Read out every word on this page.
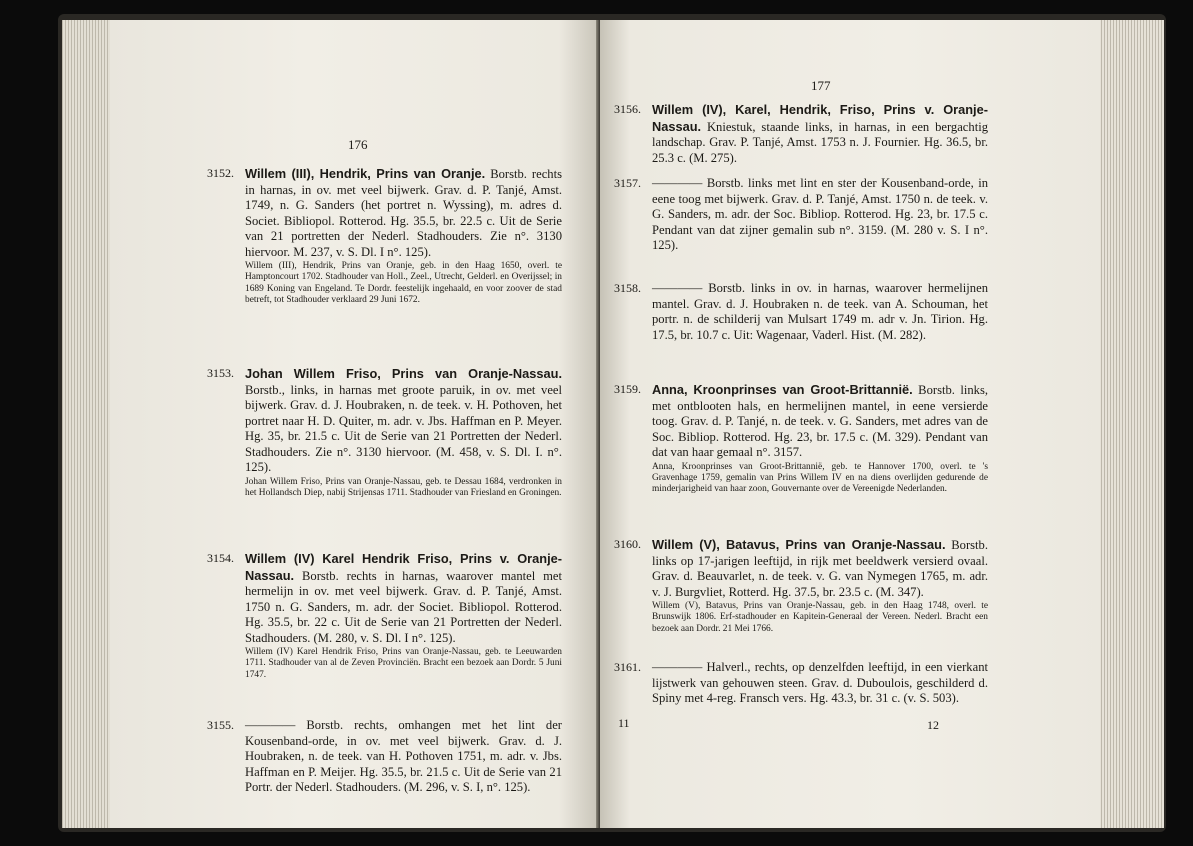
176
3152. Willem (III), Hendrik, Prins van Oranje. Borstb. rechts in harnas, in ov. met veel bijwerk. Grav. d. P. Tanjé, Amst. 1749, n. G. Sanders (het portret n. Wyssing), m. adres d. Societ. Bibliopol. Rotterod. Hg. 35.5, br. 22.5 c. Uit de Serie van 21 portretten der Nederl. Stadhouders. Zie n°. 3130 hiervoor. M. 237, v. S. Dl. I n°. 125).

Willem (III), Hendrik, Prins van Oranje, geb. in den Haag 1650, overl. te Hamptoncourt 1702. Stadhouder van Holl., Zeel., Utrecht, Gelderl. en Overijssel; in 1689 Koning van Engeland. Te Dordr. feestelijk ingehaald, en voor zoover de stad betreft, tot Stadhouder verklaard 29 Juni 1672.

3153. Johan Willem Friso, Prins van Oranje-Nassau. Borstb., links, in harnas met groote paruik, in ov. met veel bijwerk. Grav. d. J. Houbraken, n. de teek. v. H. Pothoven, het portret naar H. D. Quiter, m. adr. v. Jbs. Haffman en P. Meyer. Hg. 35, br. 21.5 c. Uit de Serie van 21 Portretten der Nederl. Stadhouders. Zie n°. 3130 hiervoor. (M. 458, v. S. Dl. I. n°. 125).

Johan Willem Friso, Prins van Oranje-Nassau, geb. te Dessau 1684, verdronken in het Hollandsch Diep, nabij Strijensas 1711. Stadhouder van Friesland en Groningen.

3154. Willem (IV) Karel Hendrik Friso, Prins v. Oranje-Nassau. Borstb. rechts in harnas, waarover mantel met hermelijn in ov. met veel bijwerk. Grav. d. P. Tanjé, Amst. 1750 n. G. Sanders, m. adr. der Societ. Bibliopol. Rotterod. Hg. 35.5, br. 22 c. Uit de Serie van 21 Portretten der Nederl. Stadhouders. (M. 280, v. S. Dl. I n°. 125).

Willem (IV) Karel Hendrik Friso, Prins van Oranje-Nassau, geb. te Leeuwarden 1711. Stadhouder van al de Zeven Provinciën. Bracht een bezoek aan Dordr. 5 Juni 1747.

3155. ———— Borstb. rechts, omhangen met het lint der Kousenband-orde, in ov. met veel bijwerk. Grav. d. J. Houbraken, n. de teek. van H. Pothoven 1751, m. adr. v. Jbs. Haffman en P. Meijer. Hg. 35.5, br. 21.5 c. Uit de Serie van 21 Portr. der Nederl. Stadhouders. (M. 296, v. S. I, n°. 125).

177
3156. Willem (IV), Karel, Hendrik, Friso, Prins v. Oranje-Nassau. Kniestuk, staande links, in harnas, in een bergachtig landschap. Grav. P. Tanjé, Amst. 1753 n. J. Fournier. Hg. 36.5, br. 25.3 c. (M. 275).

3157. ———— Borstb. links met lint en ster der Kousenband-orde, in eene toog met bijwerk. Grav. d. P. Tanjé, Amst. 1750 n. de teek. v. G. Sanders, m. adr. der Soc. Bibliop. Rotterod. Hg. 23, br. 17.5 c. Pendant van dat zijner gemalin sub n°. 3159. (M. 280 v. S. I n°. 125).

3158. ———— Borstb. links in ov. in harnas, waarover hermelijnen mantel. Grav. d. J. Houbraken n. de teek. van A. Schouman, het portr. n. de schilderij van Mulsart 1749 m. adr v. Jn. Tirion. Hg. 17.5, br. 10.7 c. Uit: Wagenaar, Vaderl. Hist. (M. 282).

3159. Anna, Kroonprinses van Groot-Brittannië. Borstb. links, met ontblooten hals, en hermelijnen mantel, in eene versierde toog. Grav. d. P. Tanjé, n. de teek. v. G. Sanders, met adres van de Soc. Bibliop. Rotterod. Hg. 23, br. 17.5 c. (M. 329). Pendant van dat van haar gemaal n°. 3157.

Anna, Kroonprinses van Groot-Brittannië, geb. te Hannover 1700, overl. te 's Gravenhage 1759, gemalin van Prins Willem IV en na diens overlijden gedurende de minderjarigheid van haar zoon, Gouvernante over de Vereenigde Nederlanden.

3160. Willem (V), Batavus, Prins van Oranje-Nassau. Borstb. links op 17-jarigen leeftijd, in rijk met beeldwerk versierd ovaal. Grav. d. Beauvarlet, n. de teek. v. G. van Nymegen 1765, m. adr. v. J. Burgvliet, Rotterd. Hg. 37.5, br. 23.5 c. (M. 347).

Willem (V), Batavus, Prins van Oranje-Nassau, geb. in den Haag 1748, overl. te Brunswijk 1806. Erf-stadhouder en Kapitein-Generaal der Vereen. Nederl. Bracht een bezoek aan Dordr. 21 Mei 1766.

3161. ———— Halverl., rechts, op denzelfden leeftijd, in een vierkant lijstwerk van gehouwen steen. Grav. d. Duboulois, geschilderd d. Spiny met 4-reg. Fransch vers. Hg. 43.3, br. 31 c. (v. S. 503).

11	12
